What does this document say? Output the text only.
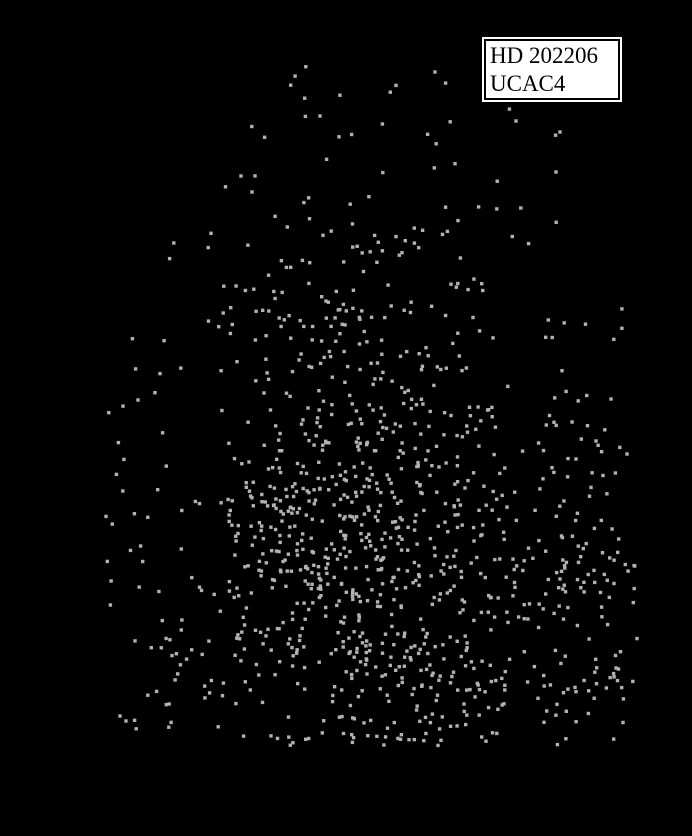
HD 202206
UCAC4
